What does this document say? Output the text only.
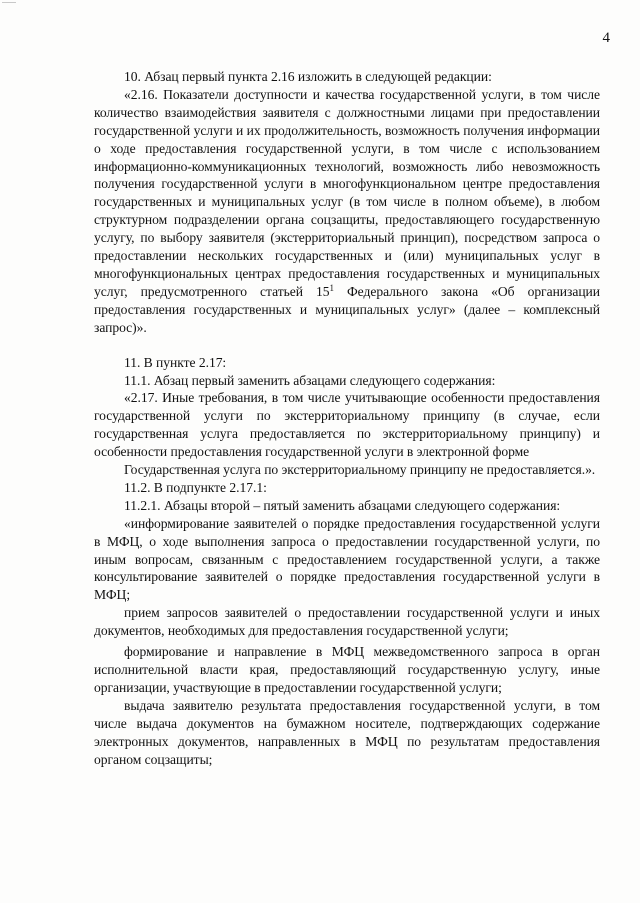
4

10. Абзац первый пункта 2.16 изложить в следующей редакции:

«2.16. Показатели доступности и качества государственной услуги, в том числе количество взаимодействия заявителя с должностными лицами при предоставлении государственной услуги и их продолжительность, возможность получения информации о ходе предоставления государственной услуги, в том числе с использованием информационно-коммуникационных технологий, возможность либо невозможность получения государственной услуги в многофункциональном центре предоставления государственных и муниципальных услуг (в том числе в полном объеме), в любом структурном подразделении органа соцзащиты, предоставляющего государственную услугу, по выбору заявителя (экстерриториальный принцип), посредством запроса о предоставлении нескольких государственных и (или) муниципальных услуг в многофункциональных центрах предоставления государственных и муниципальных услуг, предусмотренного статьей $15^1$ Федерального закона «Об организации предоставления государственных и муниципальных услуг» (далее – комплексный запрос)».

11. В пункте 2.17:

11.1. Абзац первый заменить абзацами следующего содержания:

«2.17. Иные требования, в том числе учитывающие особенности предоставления государственной услуги по экстерриториальному принципу (в случае, если государственная услуга предоставляется по экстерриториальному принципу) и особенности предоставления государственной услуги в электронной форме

Государственная услуга по экстерриториальному принципу не предоставляется.».

11.2. В подпункте 2.17.1:

11.2.1. Абзацы второй – пятый заменить абзацами следующего содержания:

«информирование заявителей о порядке предоставления государственной услуги в МФЦ, о ходе выполнения запроса о предоставлении государственной услуги, по иным вопросам, связанным с предоставлением государственной услуги, а также консультирование заявителей о порядке предоставления государственной услуги в МФЦ;

прием запросов заявителей о предоставлении государственной услуги и иных документов, необходимых для предоставления государственной услуги;

формирование и направление в МФЦ межведомственного запроса в орган исполнительной власти края, предоставляющий государственную услугу, иные организации, участвующие в предоставлении государственной услуги;

выдача заявителю результата предоставления государственной услуги, в том числе выдача документов на бумажном носителе, подтверждающих содержание электронных документов, направленных в МФЦ по результатам предоставления органом соцзащиты;
